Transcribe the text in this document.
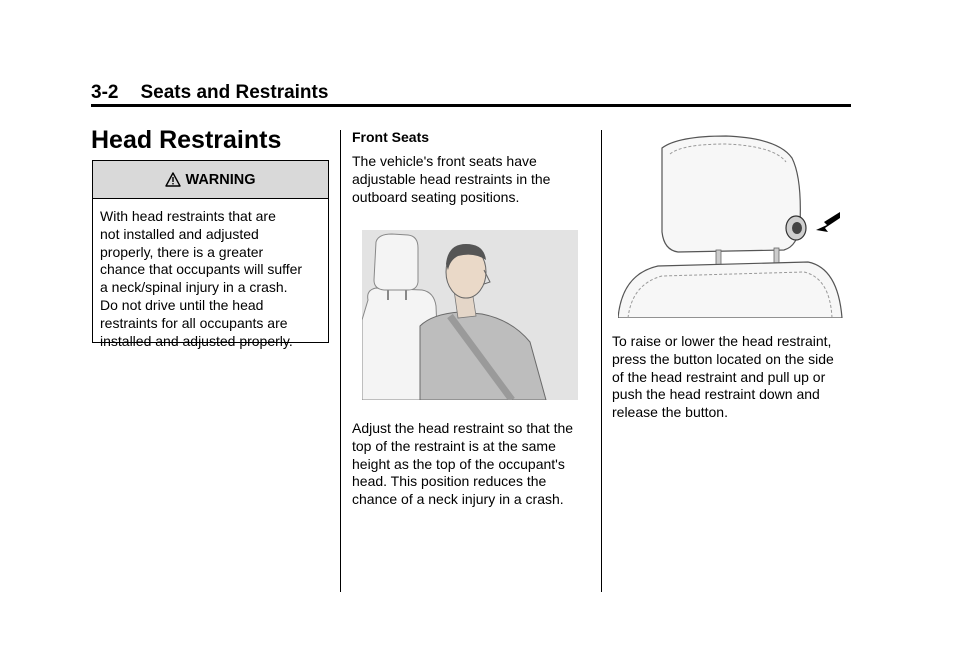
3-2 Seats and Restraints
Head Restraints
WARNING
With head restraints that are
not installed and adjusted
properly, there is a greater
chance that occupants will suffer
a neck/spinal injury in a crash.
Do not drive until the head
restraints for all occupants are
installed and adjusted properly.
Front Seats
The vehicle's front seats have
adjustable head restraints in the
outboard seating positions.
Adjust the head restraint so that the
top of the restraint is at the same
height as the top of the occupant's
head. This position reduces the
chance of a neck injury in a crash.
To raise or lower the head restraint,
press the button located on the side
of the head restraint and pull up or
push the head restraint down and
release the button.
